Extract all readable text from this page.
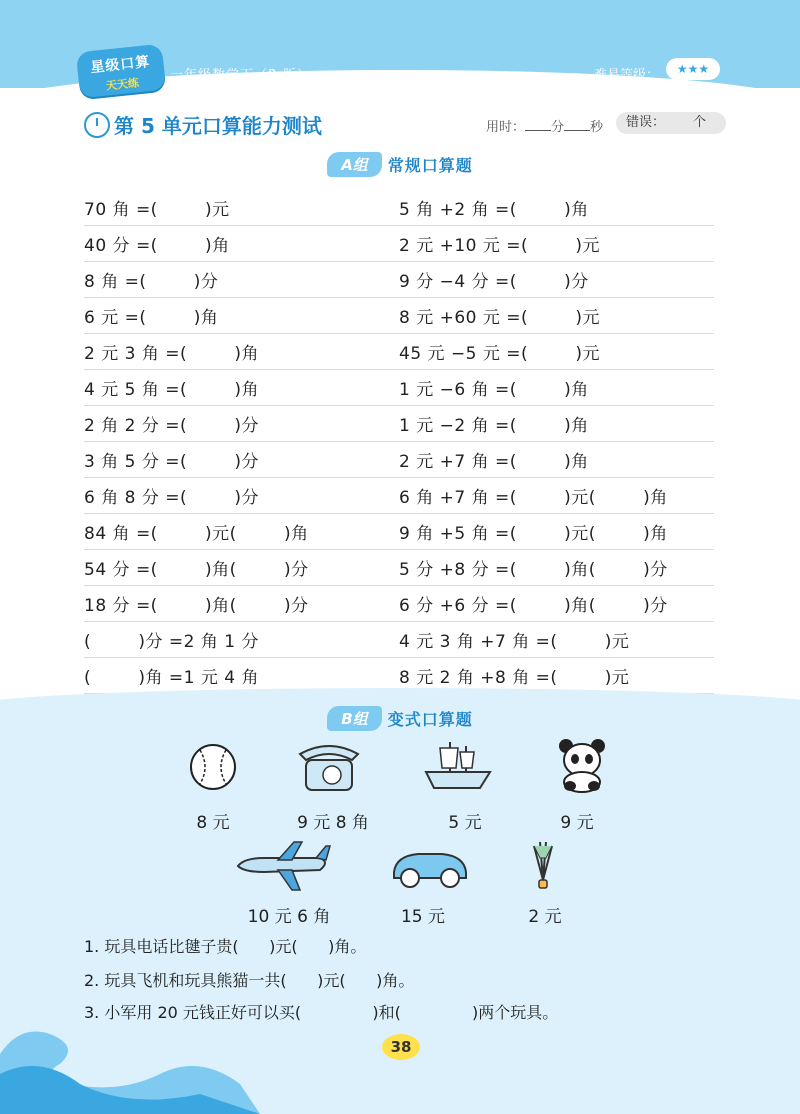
星级口算
天天练
一年级数学下（R 版）	难易等级：	★★★
第 5 单元口算能力测试	用时： 分 秒	错误： 个
A组 常规口算题
70 角 =(        )元	5 角 +2 角 =(        )角
40 分 =(        )角	2 元 +10 元 =(        )元
8 角 =(        )分	9 分 −4 分 =(        )分
6 元 =(        )角	8 元 +60 元 =(        )元
2 元 3 角 =(        )角	45 元 −5 元 =(        )元
4 元 5 角 =(        )角	1 元 −6 角 =(        )角
2 角 2 分 =(        )分	1 元 −2 角 =(        )角
3 角 5 分 =(        )分	2 元 +7 角 =(        )角
6 角 8 分 =(        )分	6 角 +7 角 =(        )元(        )角
84 角 =(        )元(        )角	9 角 +5 角 =(        )元(        )角
54 分 =(        )角(        )分	5 分 +8 分 =(        )角(        )分
18 分 =(        )角(        )分	6 分 +6 分 =(        )角(        )分
(        )分 =2 角 1 分	4 元 3 角 +7 角 =(        )元
(        )角 =1 元 4 角	8 元 2 角 +8 角 =(        )元
B组 变式口算题
8 元	9 元 8 角	5 元	9 元
10 元 6 角	15 元	2 元
1. 玩具电话比毽子贵(      )元(      )角。
2. 玩具飞机和玩具熊猫一共(      )元(      )角。
3. 小军用 20 元钱正好可以买(              )和(              )两个玩具。
38
